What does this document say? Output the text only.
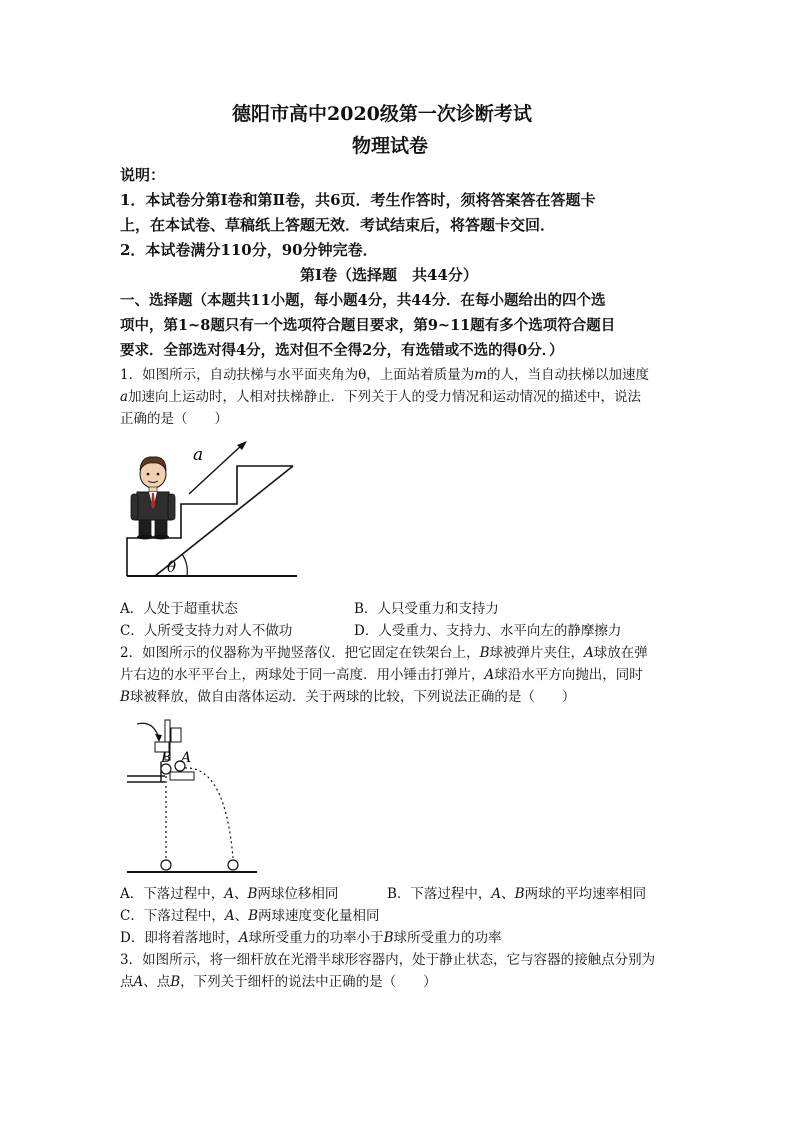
德阳市高中2020级第一次诊断考试
物理试卷
说明：
1．本试卷分第Ⅰ卷和第Ⅱ卷，共6页．考生作答时，须将答案答在答题卡
上，在本试卷、草稿纸上答题无效．考试结束后，将答题卡交回．
2．本试卷满分110分，90分钟完卷．
第Ⅰ卷（选择题　共44分）
一、选择题（本题共11小题，每小题4分，共44分．在每小题给出的四个选
项中，第1~8题只有一个选项符合题目要求，第9~11题有多个选项符合题目
要求．全部选对得4分，选对但不全得2分，有选错或不选的得0分．）
1．如图所示，自动扶梯与水平面夹角为θ，上面站着质量为m的人，当自动扶梯以加速度
a加速向上运动时，人相对扶梯静止．下列关于人的受力情况和运动情况的描述中，说法
正确的是（　　）
a
θ
A．人处于超重状态	B．人只受重力和支持力
C．人所受支持力对人不做功	D．人受重力、支持力、水平向左的静摩擦力
2．如图所示的仪器称为平抛竖落仪．把它固定在铁架台上，B球被弹片夹住，A球放在弹
片右边的水平平台上，两球处于同一高度．用小锤击打弹片，A球沿水平方向抛出，同时
B球被释放，做自由落体运动．关于两球的比较，下列说法正确的是（　　）
B A
A．下落过程中，A、B两球位移相同	B．下落过程中，A、B两球的平均速率相同
C．下落过程中，A、B两球速度变化量相同
D．即将着落地时，A球所受重力的功率小于B球所受重力的功率
3．如图所示，将一细杆放在光滑半球形容器内，处于静止状态，它与容器的接触点分别为
点A、点B，下列关于细杆的说法中正确的是（　　）
